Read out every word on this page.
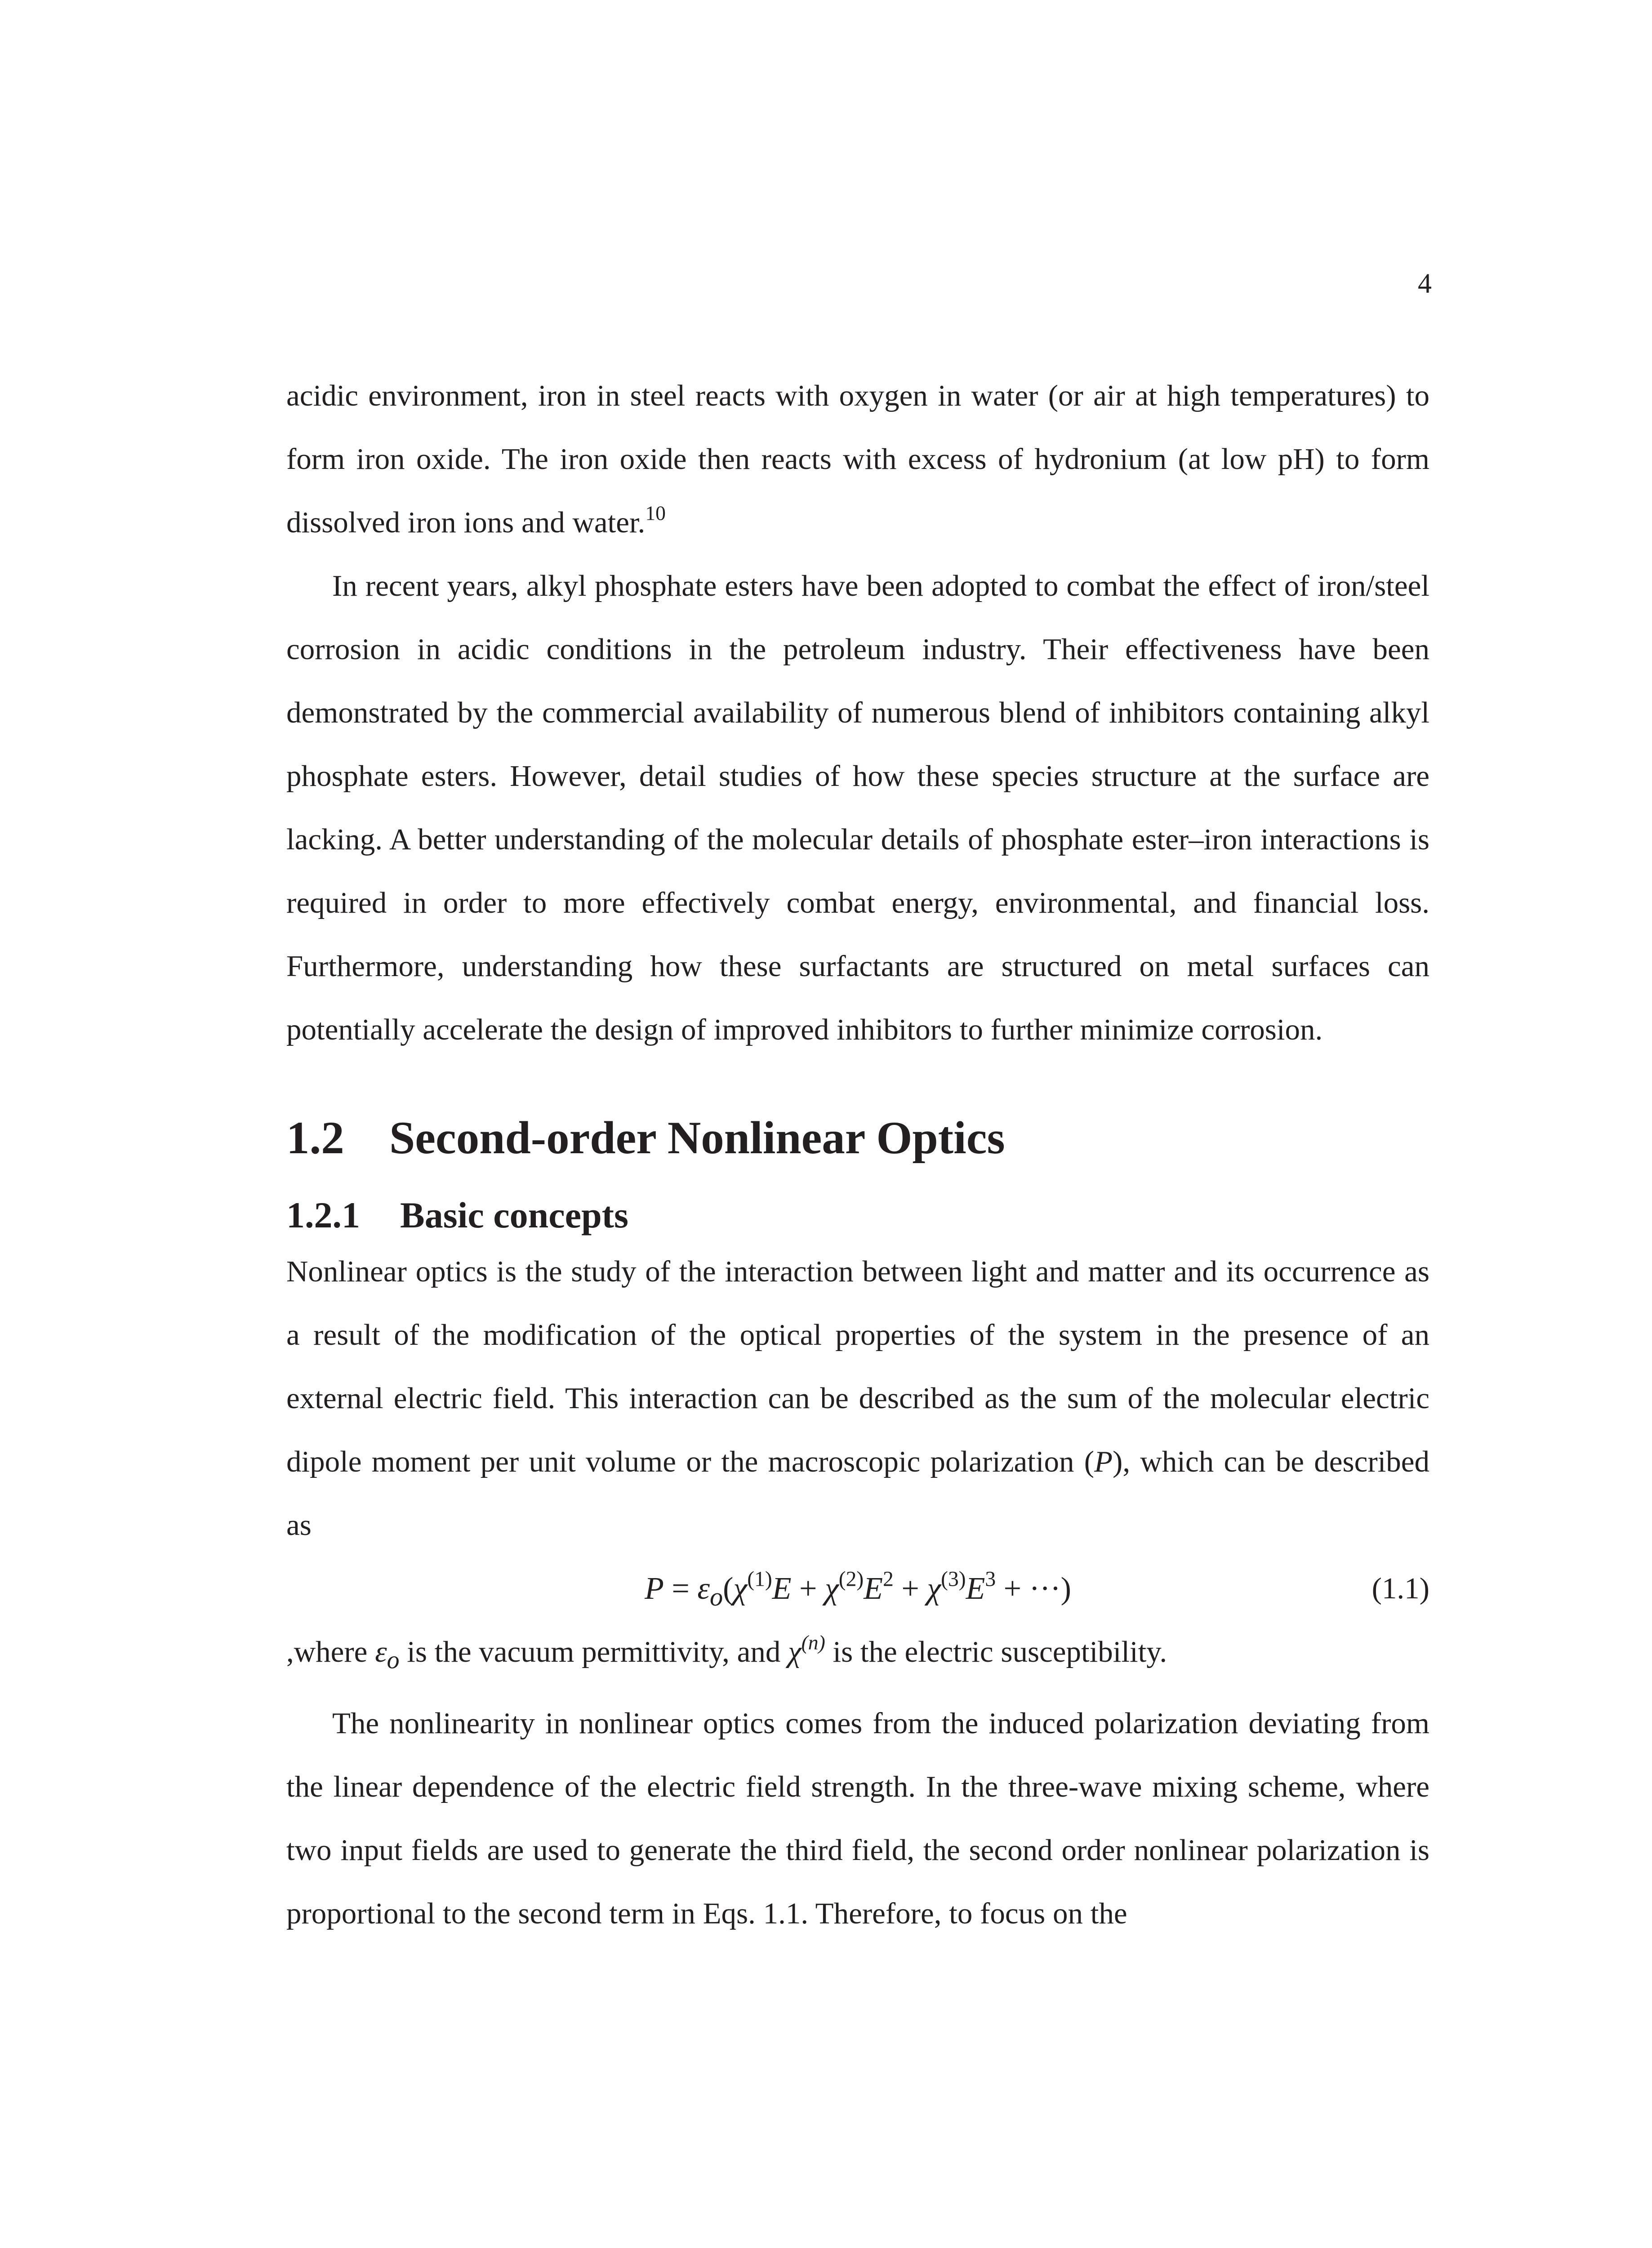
4

acidic environment, iron in steel reacts with oxygen in water (or air at high temperatures) to form iron oxide. The iron oxide then reacts with excess of hydronium (at low pH) to form dissolved iron ions and water.$^{10}$

In recent years, alkyl phosphate esters have been adopted to combat the effect of iron/steel corrosion in acidic conditions in the petroleum industry. Their effectiveness have been demonstrated by the commercial availability of numerous blend of inhibitors containing alkyl phosphate esters. However, detail studies of how these species structure at the surface are lacking. A better understanding of the molecular details of phosphate ester–iron interactions is required in order to more effectively combat energy, environmental, and financial loss. Furthermore, understanding how these surfactants are structured on metal surfaces can potentially accelerate the design of improved inhibitors to further minimize corrosion.

1.2 Second-order Nonlinear Optics
1.2.1	Basic concepts

Nonlinear optics is the study of the interaction between light and matter and its occurrence as a result of the modification of the optical properties of the system in the presence of an external electric field. This interaction can be described as the sum of the molecular electric dipole moment per unit volume or the macroscopic polarization (P), which can be described as

$P = \varepsilon_o(\chi^{(1)}E + \chi^{(2)}E^2 + \chi^{(3)}E^3$ + ···)	(1.1)

,where $\varepsilon_o$ is the vacuum permittivity, and $\chi^{(n)}$ is the electric susceptibility.

The nonlinearity in nonlinear optics comes from the induced polarization deviating from the linear dependence of the electric field strength. In the three-wave mixing scheme, where two input fields are used to generate the third field, the second order nonlinear polarization is proportional to the second term in Eqs. 1.1. Therefore, to focus on the
